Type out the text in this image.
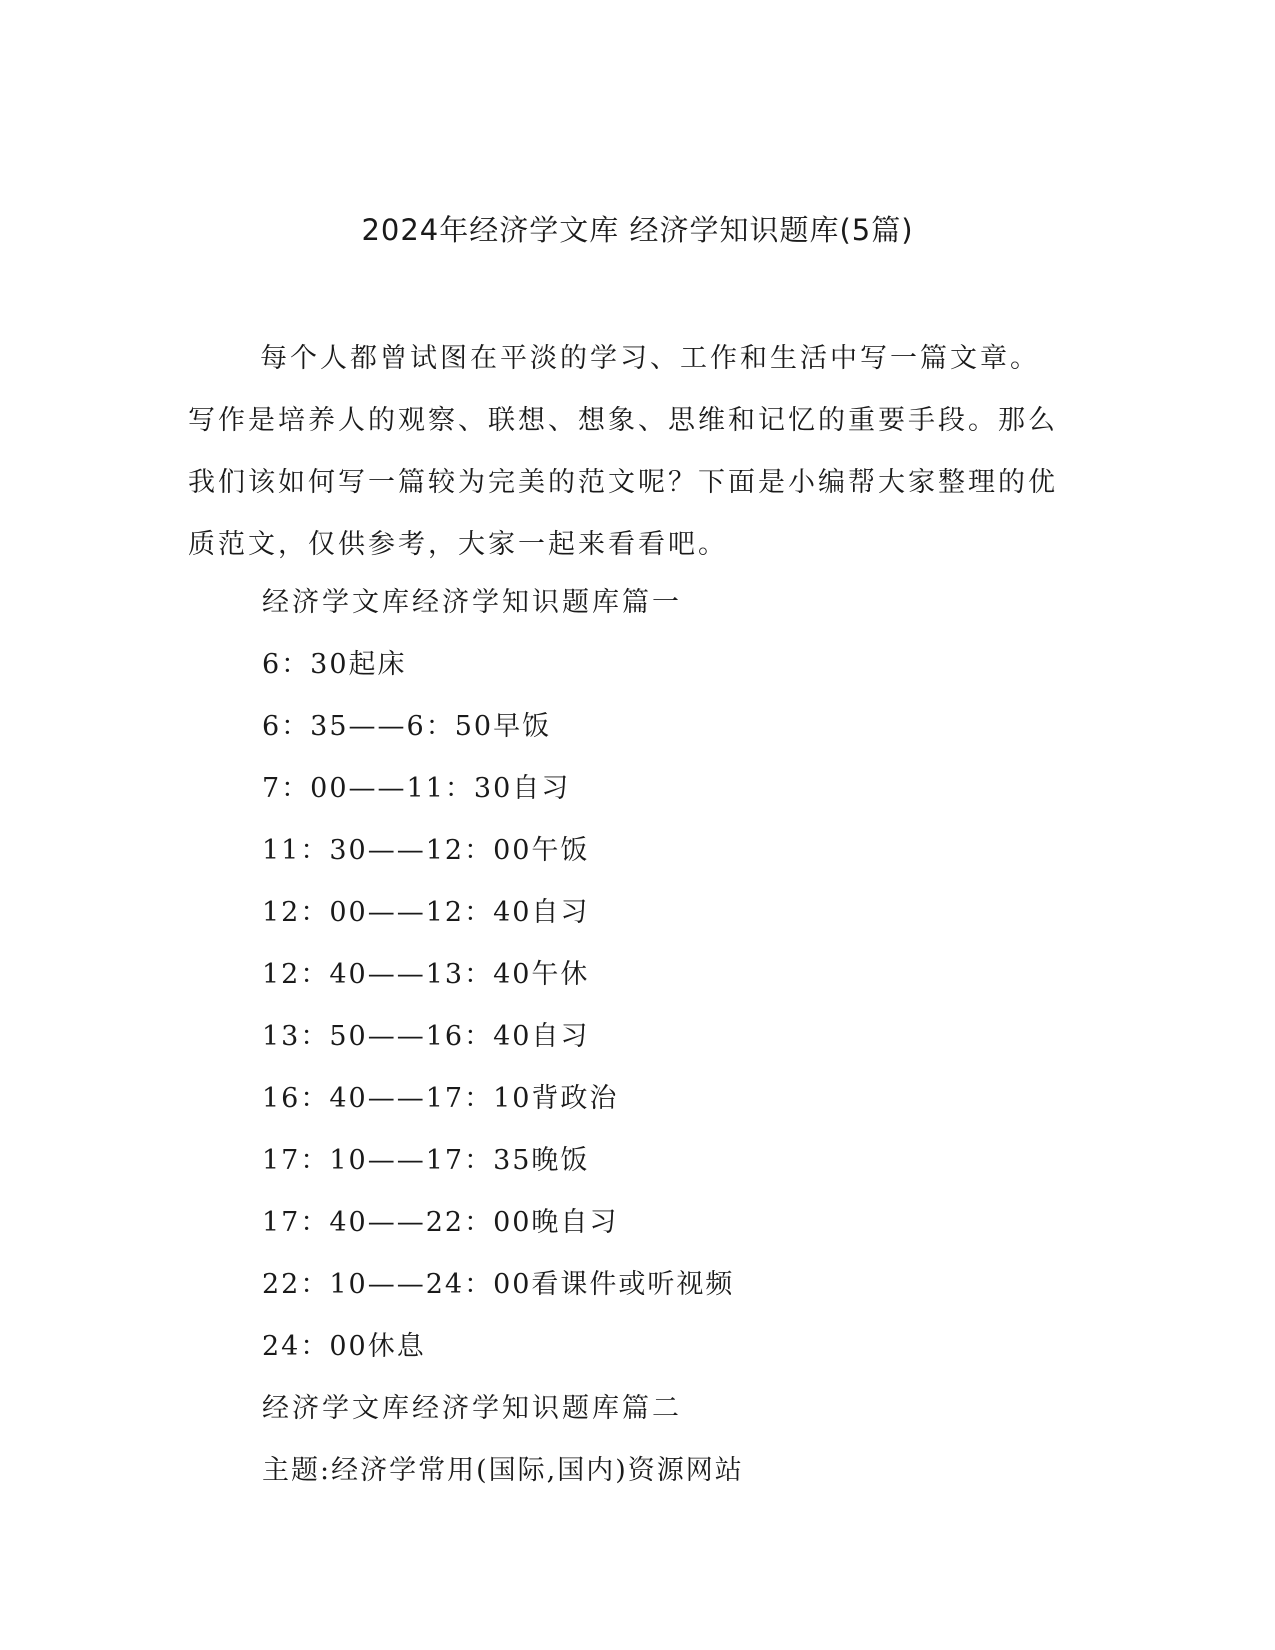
2024年经济学文库 经济学知识题库(5篇)

每个人都曾试图在平淡的学习、工作和生活中写一篇文章。写作是培养人的观察、联想、想象、思维和记忆的重要手段。那么我们该如何写一篇较为完美的范文呢？下面是小编帮大家整理的优质范文，仅供参考，大家一起来看看吧。

经济学文库经济学知识题库篇一
6：30起床
6：35——6：50早饭
7：00——11：30自习
11：30——12：00午饭
12：00——12：40自习
12：40——13：40午休
13：50——16：40自习
16：40——17：10背政治
17：10——17：35晚饭
17：40——22：00晚自习
22：10——24：00看课件或听视频
24：00休息
经济学文库经济学知识题库篇二
主题:经济学常用(国际,国内)资源网站
